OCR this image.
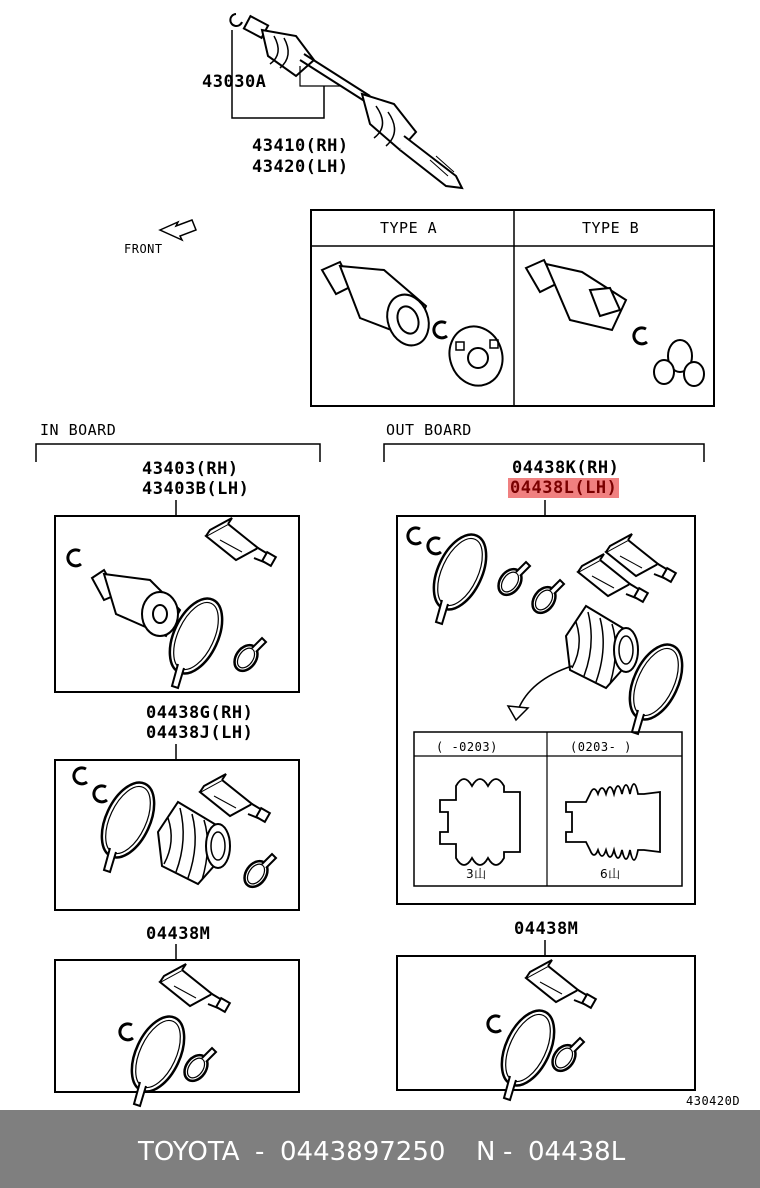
43030A
43410(RH)
43420(LH)
FRONT
TYPE A	TYPE B
IN BOARD	OUT BOARD
43403(RH)
43403B(LH)
04438K(RH)
04438L(LH)
04438G(RH)
04438J(LH)
04438M	04438M
( -0203)	(0203- )
3山	6山
430420D
TOYOTA - 0443897250 N - 04438L
